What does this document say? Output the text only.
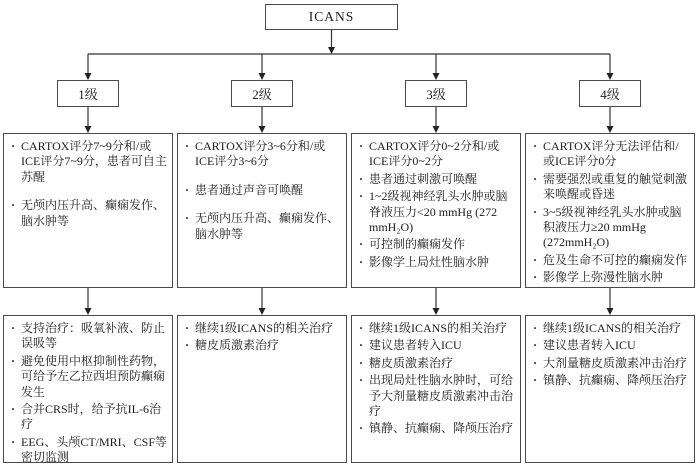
ICANS
1级	2级	3级	4级
· CARTOX评分7~9分和/或ICE评分7~9分，患者可自主苏醒
· 无颅内压升高、癫痫发作、脑水肿等
· CARTOX评分3~6分和/或ICE评分3~6分
· 患者通过声音可唤醒
· 无颅内压升高、癫痫发作、脑水肿等
· CARTOX评分0~2分和/或ICE评分0~2分
· 患者通过刺激可唤醒
· 1~2级视神经乳头水肿或脑脊液压力<20 mmHg (272 mmH₂O)
· 可控制的癫痫发作
· 影像学上局灶性脑水肿
· CARTOX评分无法评估和/或ICE评分0分
· 需要强烈或重复的触觉刺激来唤醒或昏迷
· 3~5级视神经乳头水肿或脑积液压力≥20 mmHg (272mmH₂O)
· 危及生命不可控的癫痫发作
· 影像学上弥漫性脑水肿
· 支持治疗：吸氧补液、防止误吸等
· 避免使用中枢抑制性药物，可给予左乙拉西坦预防癫痫发生
· 合并CRS时，给予抗IL-6治疗
· EEG、头颅CT/MRI、CSF等密切监测
· 继续1级ICANS的相关治疗
· 糖皮质激素治疗
· 继续1级ICANS的相关治疗
· 建议患者转入ICU
· 糖皮质激素治疗
· 出现局灶性脑水肿时，可给予大剂量糖皮质激素冲击治疗
· 镇静、抗癫痫、降颅压治疗
· 继续1级ICANS的相关治疗
· 建议患者转入ICU
· 大剂量糖皮质激素冲击治疗
· 镇静、抗癫痫、降颅压治疗
